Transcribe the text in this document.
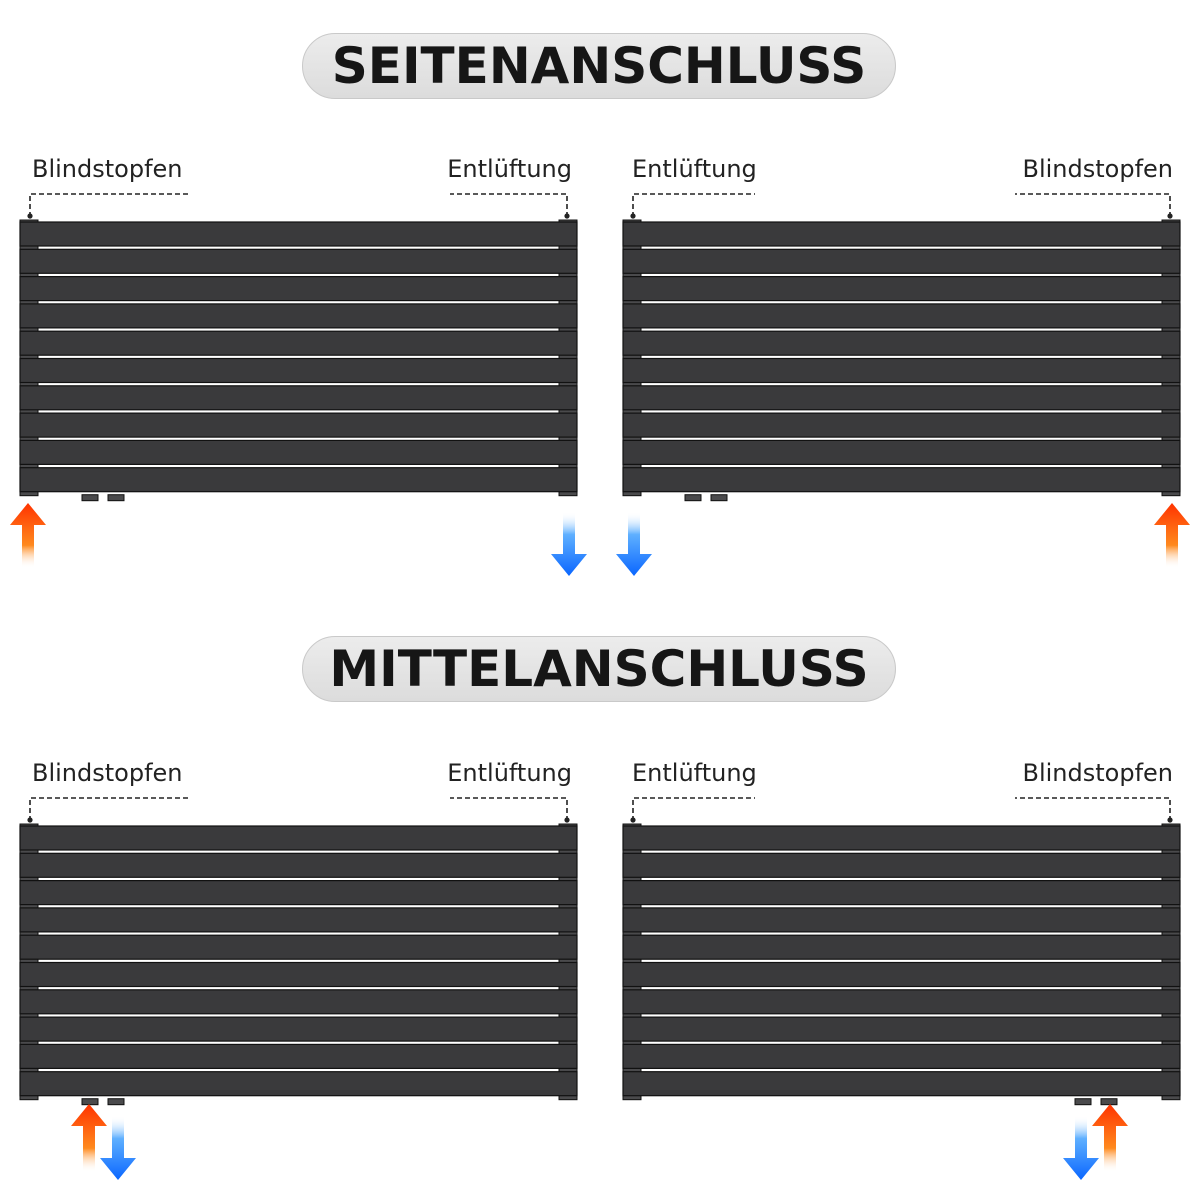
SEITENANSCHLUSS
MITTELANSCHLUSS
Blindstopfen	Entlüftung	Entlüftung	Blindstopfen
Blindstopfen	Entlüftung	Entlüftung	Blindstopfen
